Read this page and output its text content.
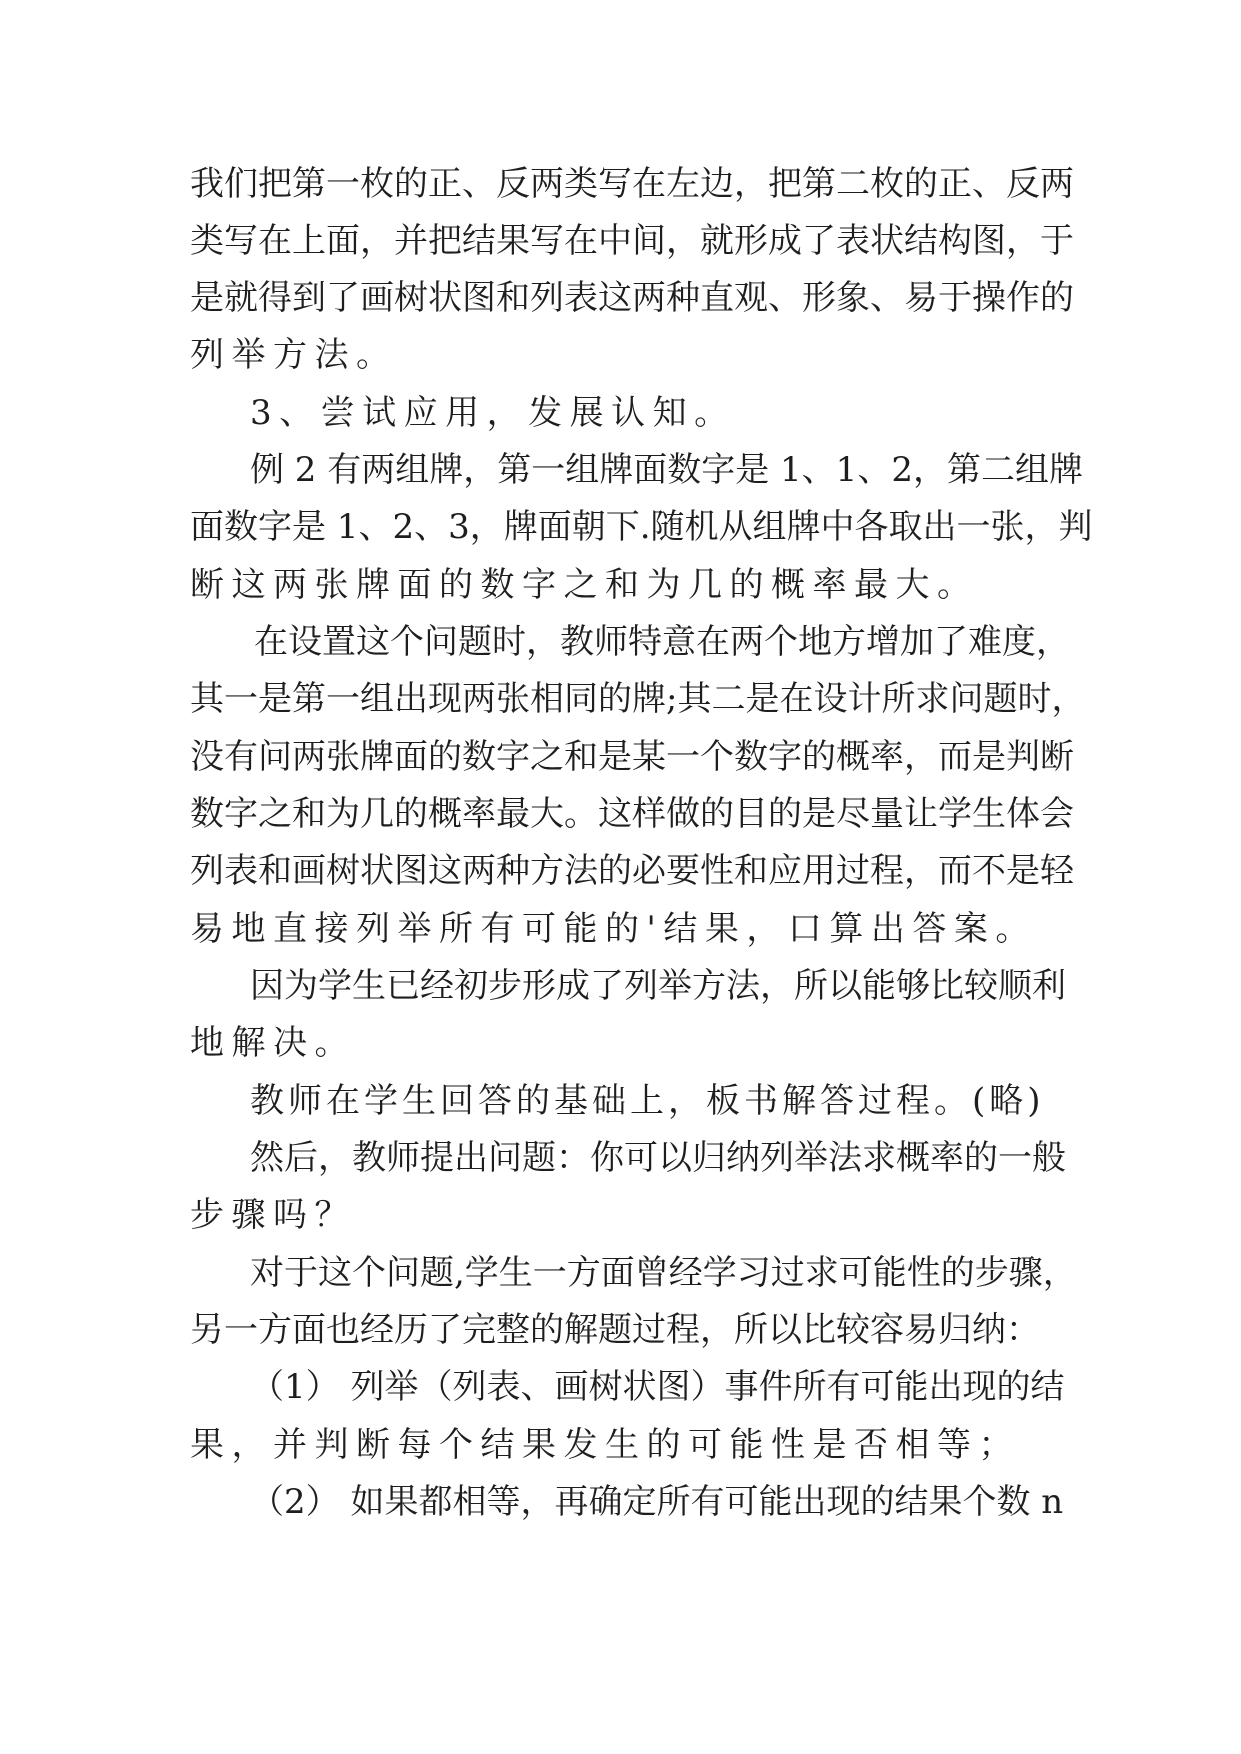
我们把第一枚的正、反两类写在左边，把第二枚的正、反两
类写在上面，并把结果写在中间，就形成了表状结构图，于
是就得到了画树状图和列表这两种直观、形象、易于操作的
列举方法。
3、尝试应用，发展认知。
例 2 有两组牌，第一组牌面数字是 1、1、2，第二组牌
面数字是 1、2、3，牌面朝下.随机从组牌中各取出一张，判
断这两张牌面的数字之和为几的概率最大。
在设置这个问题时，教师特意在两个地方增加了难度，
其一是第一组出现两张相同的牌;其二是在设计所求问题时，
没有问两张牌面的数字之和是某一个数字的概率，而是判断
数字之和为几的概率最大。这样做的目的是尽量让学生体会
列表和画树状图这两种方法的必要性和应用过程，而不是轻
易地直接列举所有可能的'结果，口算出答案。
因为学生已经初步形成了列举方法，所以能够比较顺利
地解决。
教师在学生回答的基础上，板书解答过程。(略)
然后，教师提出问题：你可以归纳列举法求概率的一般
步骤吗？
对于这个问题,学生一方面曾经学习过求可能性的步骤，
另一方面也经历了完整的解题过程，所以比较容易归纳：
（1） 列举（列表、画树状图）事件所有可能出现的结
果，并判断每个结果发生的可能性是否相等；
（2） 如果都相等，再确定所有可能出现的结果个数 n
